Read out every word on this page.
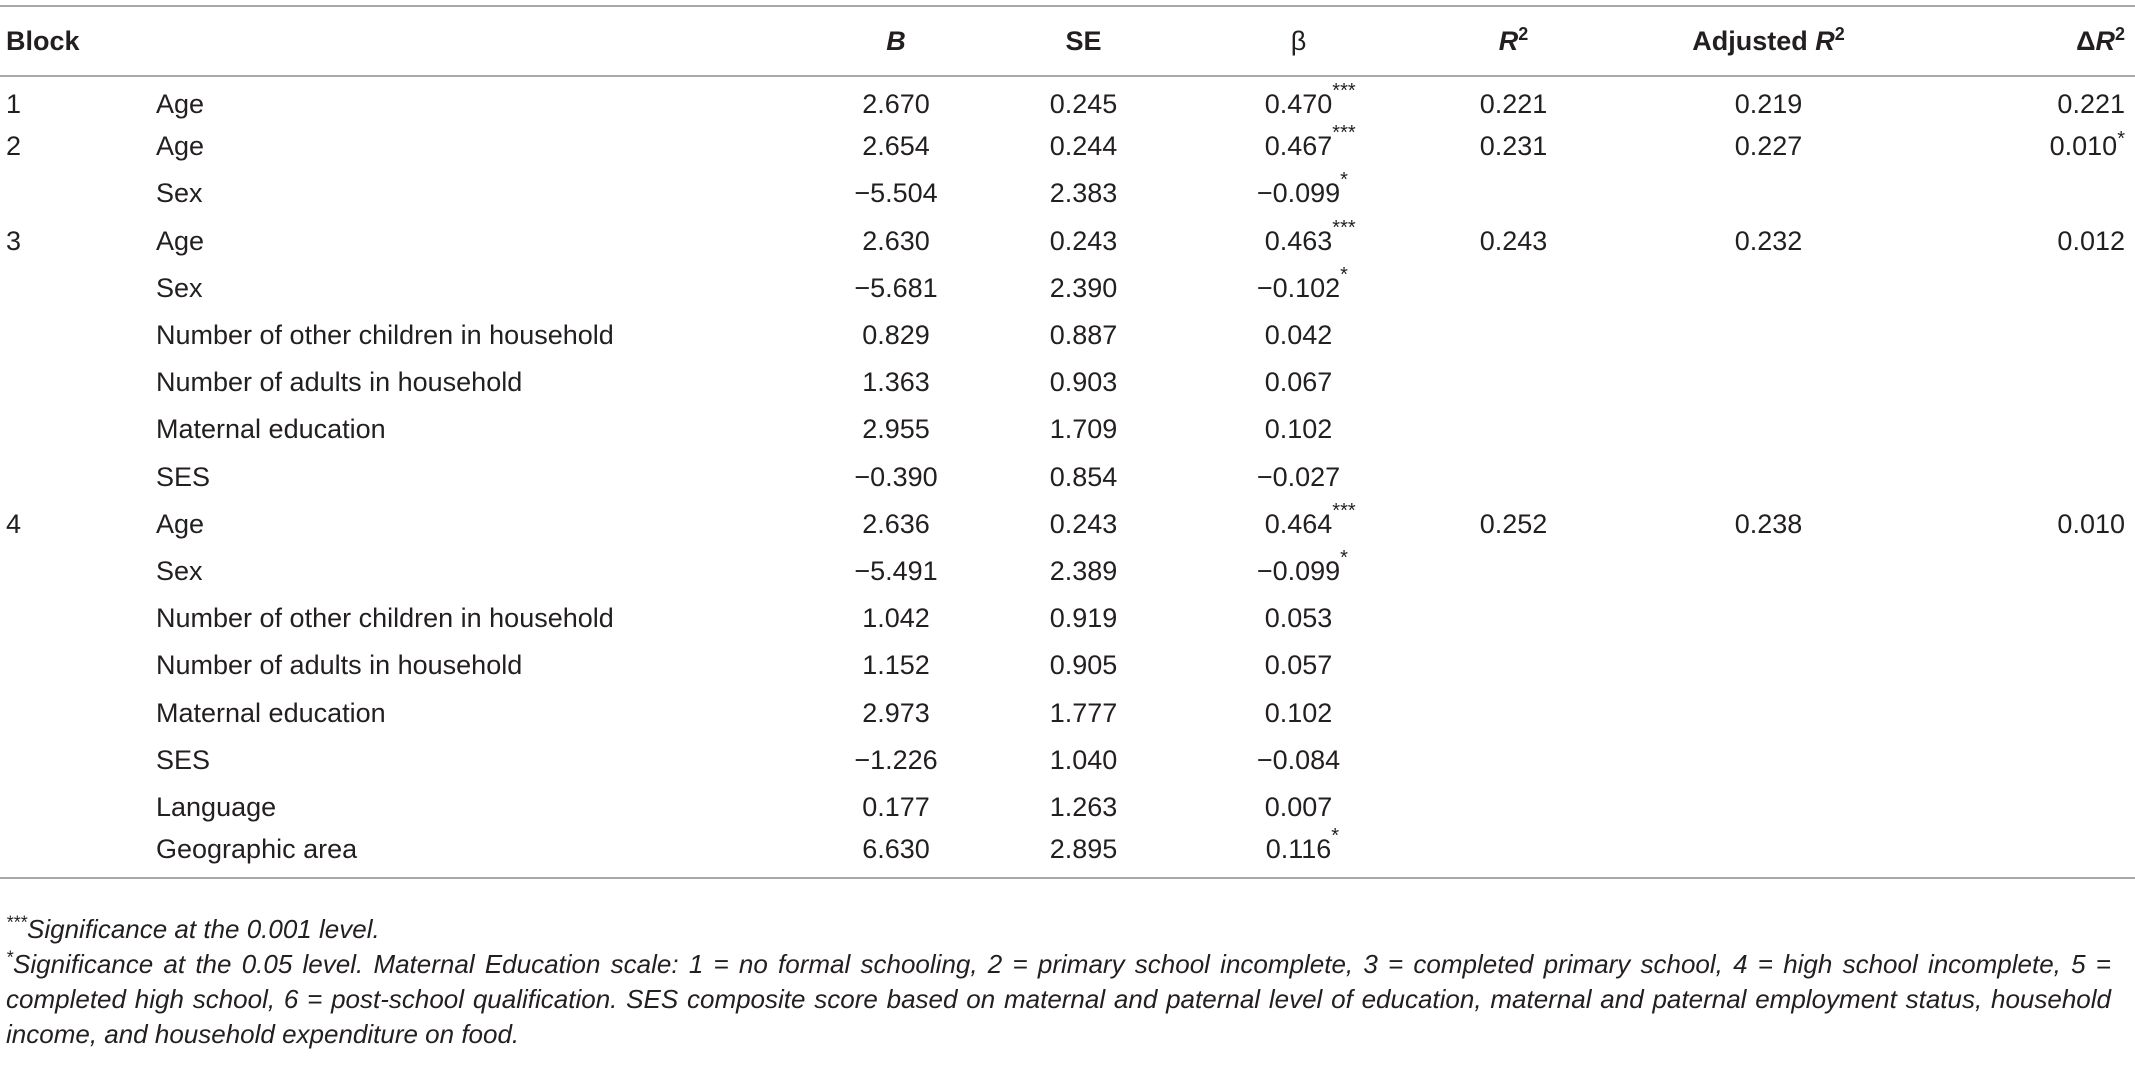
Block		B	SE	β	$R^2$	Adjusted $R^2$	$\Delta R^2$
1	Age	2.670	0.245	0.470 ***	0.221	0.219	0.221
2	Age	2.654	0.244	0.467 ***	0.231	0.227	0.010*
	Sex	−5.504	2.383	−0.099 *			

3	Age	2.630	0.243	0.463 ***	0.243	0.232	0.012
	Sex	−5.681	2.390	−0.102 *			

	Number of other children in household	0.829	0.887	0.042

	Number of adults in household	1.363	0.903	0.067

	Maternal education	2.955	1.709	0.102

	SES	−0.390	0.854	−0.027

4	Age	2.636	0.243	0.464 ***	0.252	0.238	0.010
	Sex	−5.491	2.389	−0.099 *			

	Number of other children in household	1.042	0.919	0.053

	Number of adults in household	1.152	0.905	0.057

	Maternal education	2.973	1.777	0.102

	SES	−1.226	1.040	−0.084

	Language	0.177	1.263	0.007

	Geographic area	6.630	2.895	0.116 *			

***Significance at the 0.001 level.

*Significance at the 0.05 level. Maternal Education scale: 1 = no formal schooling, 2 = primary school incomplete, 3 = completed primary school, 4 = high school incomplete, 5 = completed high school, 6 = post-school qualification. SES composite score based on maternal and paternal level of education, maternal and paternal employment status, household income, and household expenditure on food.
